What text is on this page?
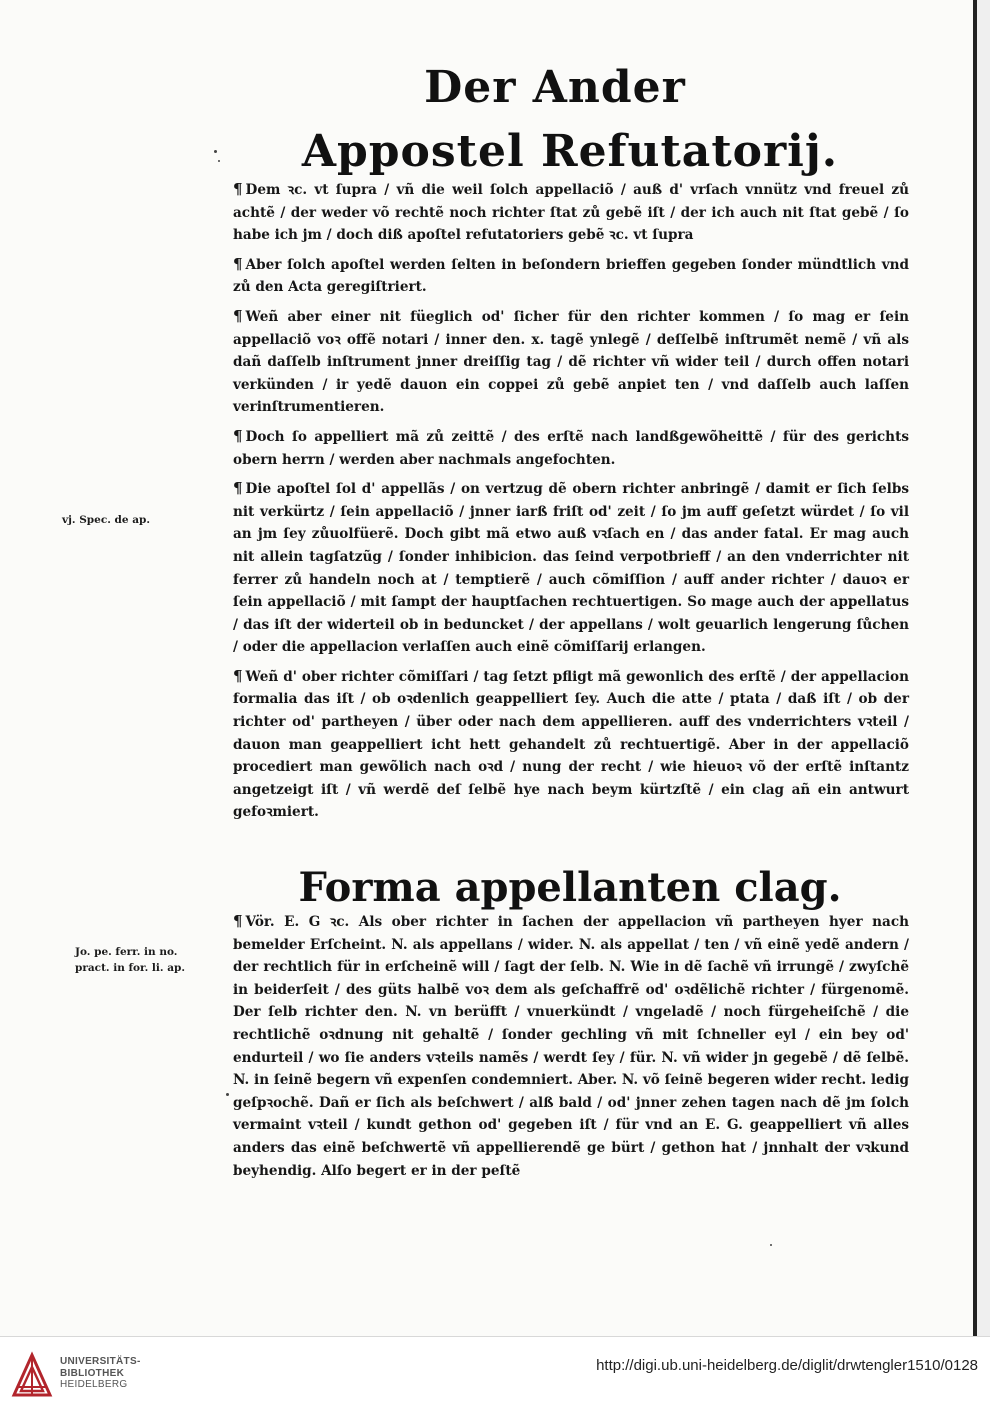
Der Ander
Appostel Refutatorij.
vj. Spec. de ap.
Jo. pe. ferr. in no.
pract. in for. li. ap.

¶ Dem ꝛc. vt ſupra / vñ die weil ſolch appellaciõ / auß d' vrſach vnnütz vnd freuel zů achtẽ / der weder võ rechtẽ noch richter ſtat zů gebẽ iſt / der ich auch nit ſtat gebẽ / ſo habe ich jm / doch diß apoſtel refutatoriers gebẽ ꝛc. vt ſupra

¶ Aber ſolch apoſtel werden ſelten in beſondern brieffen gegeben ſonder mündtlich vnd zů den Acta geregiſtriert.

¶ Weñ aber einer nit füeglich od' ſicher für den richter kommen / ſo mag er ſein appellaciõ voꝛ offẽ notari / inner den. x. tagẽ ynlegẽ / deſſelbẽ inſtrumẽt nemẽ / vñ als dañ daſſelb inſtrument jnner dreiſſig tag / dẽ richter vñ wider teil / durch offen notari verkünden / ir yedẽ dauon ein coppei zů gebẽ anpiet ten / vnd daſſelb auch laſſen verinſtrumentieren.

¶ Doch ſo appelliert mã zů zeittẽ / des erſtẽ nach landßgewõheittẽ / für des gerichts obern herrn / werden aber nachmals angefochten.

¶ Die apoſtel ſol d' appellãs / on vertzug dẽ obern richter anbringẽ / damit er ſich ſelbs nit verkürtz / ſein appellaciõ / jnner iarß friſt od' zeit / ſo jm auff geſetzt würdet / ſo vil an jm ſey zůuolfüerẽ. Doch gibt mã etwo auß vꝛſach en / das ander fatal. Er mag auch nit allein tagſatzũg / ſonder inhibicion. das ſeind verpotbrieff / an den vnderrichter nit ferrer zů handeln noch at / temptierẽ / auch cõmiſſion / auff ander richter / dauoꝛ er ſein appellaciõ / mit ſampt der hauptſachen rechtuertigen. So mage auch der appellatus / das iſt der widerteil ob in beduncket / der appellans / wolt geuarlich lengerung ſůchen / oder die appellacion verlaſſen auch einẽ cõmiſſarij erlangen.

¶ Weñ d' ober richter cõmiſſari / tag ſetzt pfligt mã gewonlich des erſtẽ / der appellacion formalia das iſt / ob oꝛdenlich geappelliert ſey. Auch die atte / ptata / daß iſt / ob der richter od' partheyen / über oder nach dem appellieren. auff des vnderrichters vꝛteil / dauon man geappelliert icht hett gehandelt zů rechtuertigẽ. Aber in der appellaciõ procediert man gewõlich nach oꝛd / nung der recht / wie hieuoꝛ võ der erſtẽ inſtantz angetzeigt iſt / vñ werdẽ deſ ſelbẽ hye nach beym kürtzſtẽ / ein clag añ ein antwurt gefoꝛmiert.

Forma appellanten clag.

¶ Vör. E. G ꝛc. Als ober richter in ſachen der appellacion vñ partheyen hyer nach bemelder Erſcheint. N. als appellans / wider. N. als appellat / ten / vñ einẽ yedẽ andern / der rechtlich für in erſcheinẽ will / ſagt der ſelb. N. Wie in dẽ ſachẽ vñ irrungẽ / zwyſchẽ in beiderſeit / des güts halbẽ voꝛ dem als geſchaffrẽ od' oꝛdẽlichẽ richter / fürgenomẽ. Der ſelb richter den. N. vn berüfft / vnuerkündt / vngeladẽ / noch fürgeheiſchẽ / die rechtlichẽ oꝛdnung nit gehaltẽ / ſonder gechling vñ mit ſchneller eyl / ein bey od' endurteil / wo ſie anders vꝛteils namẽs / werdt ſey / für. N. vñ wider jn gegebẽ / dẽ ſelbẽ. N. in ſeinẽ begern vñ expenſen condemniert. Aber. N. võ ſeinẽ begeren wider recht. ledig geſpꝛochẽ. Dañ er ſich als beſchwert / alß bald / od' jnner zehen tagen nach dẽ jm ſolch vermaint vꝛteil / kundt gethon od' gegeben iſt / für vnd an E. G. geappelliert vñ alles anders das einẽ beſchwertẽ vñ appellierendẽ ge bürt / gethon hat / jnnhalt der vꝛkund beyhendig. Alſo begert er in der peſtẽ

UNIVERSITÄTS-
BIBLIOTHEK
HEIDELBERG
http://digi.ub.uni-heidelberg.de/diglit/drwtengler1510/0128
